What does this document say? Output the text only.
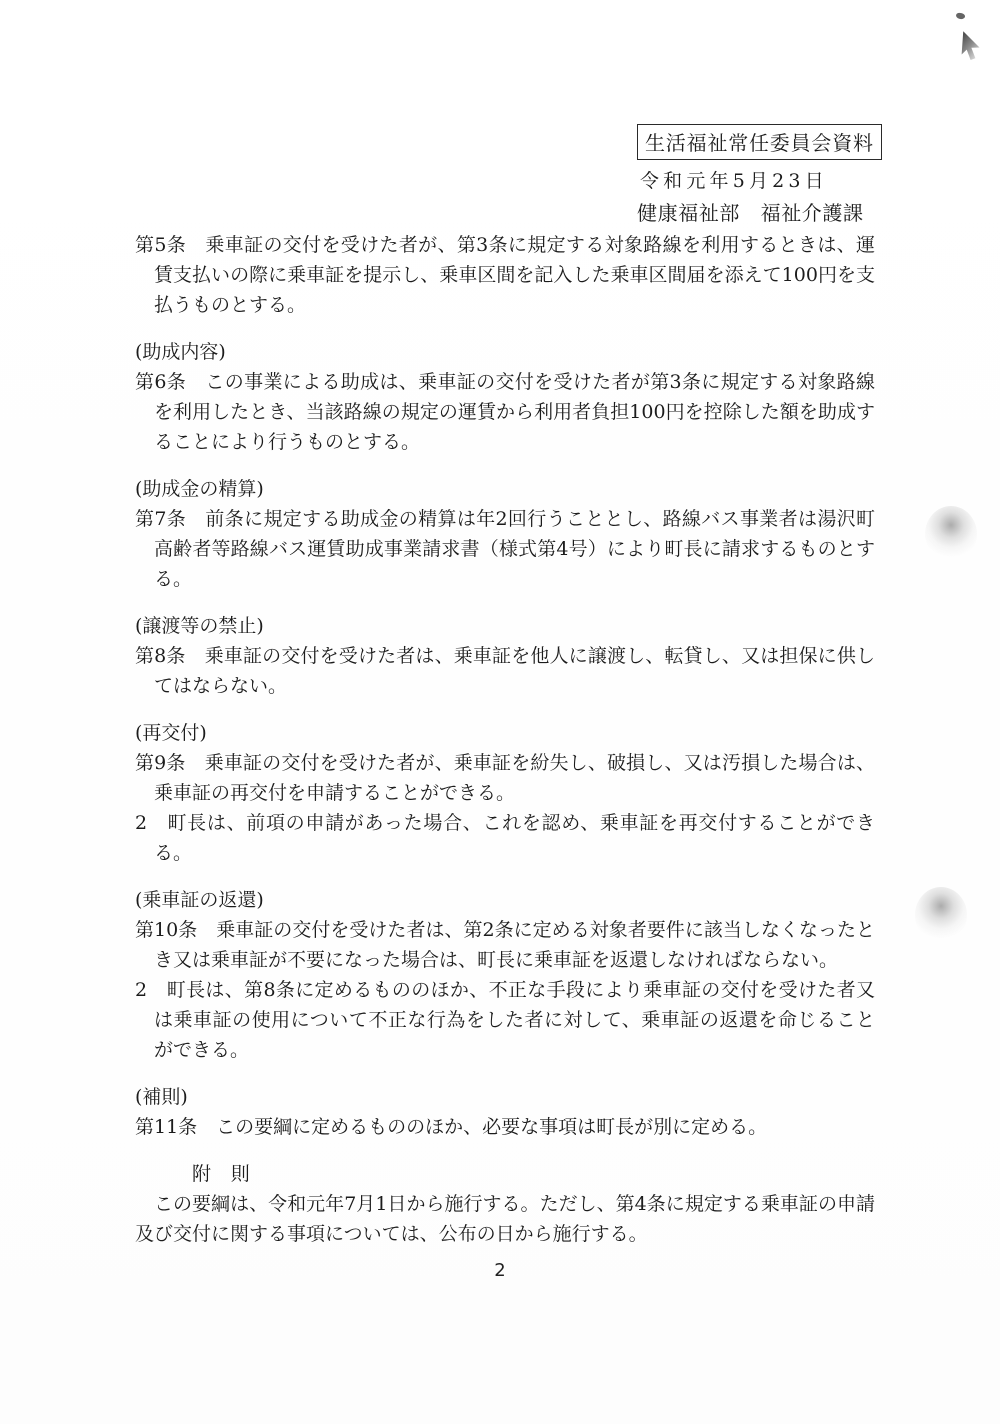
生活福祉常任委員会資料
令和元年5月23日
健康福祉部　福祉介護課

第5条　乗車証の交付を受けた者が、第3条に規定する対象路線を利用するときは、運賃支払いの際に乗車証を提示し、乗車区間を記入した乗車区間届を添えて100円を支払うものとする。

(助成内容)

第6条　この事業による助成は、乗車証の交付を受けた者が第3条に規定する対象路線を利用したとき、当該路線の規定の運賃から利用者負担100円を控除した額を助成することにより行うものとする。

(助成金の精算)

第7条　前条に規定する助成金の精算は年2回行うこととし、路線バス事業者は湯沢町高齢者等路線バス運賃助成事業請求書（様式第4号）により町長に請求するものとする。

(譲渡等の禁止)

第8条　乗車証の交付を受けた者は、乗車証を他人に譲渡し、転貸し、又は担保に供してはならない。

(再交付)

第9条　乗車証の交付を受けた者が、乗車証を紛失し、破損し、又は汚損した場合は、乗車証の再交付を申請することができる。

2　町長は、前項の申請があった場合、これを認め、乗車証を再交付することができる。

(乗車証の返還)

第10条　乗車証の交付を受けた者は、第2条に定める対象者要件に該当しなくなったとき又は乗車証が不要になった場合は、町長に乗車証を返還しなければならない。

2　町長は、第8条に定めるもののほか、不正な手段により乗車証の交付を受けた者又は乗車証の使用について不正な行為をした者に対して、乗車証の返還を命じることができる。

(補則)

第11条　この要綱に定めるもののほか、必要な事項は町長が別に定める。

附　則

この要綱は、令和元年7月1日から施行する。ただし、第4条に規定する乗車証の申請及び交付に関する事項については、公布の日から施行する。

2
